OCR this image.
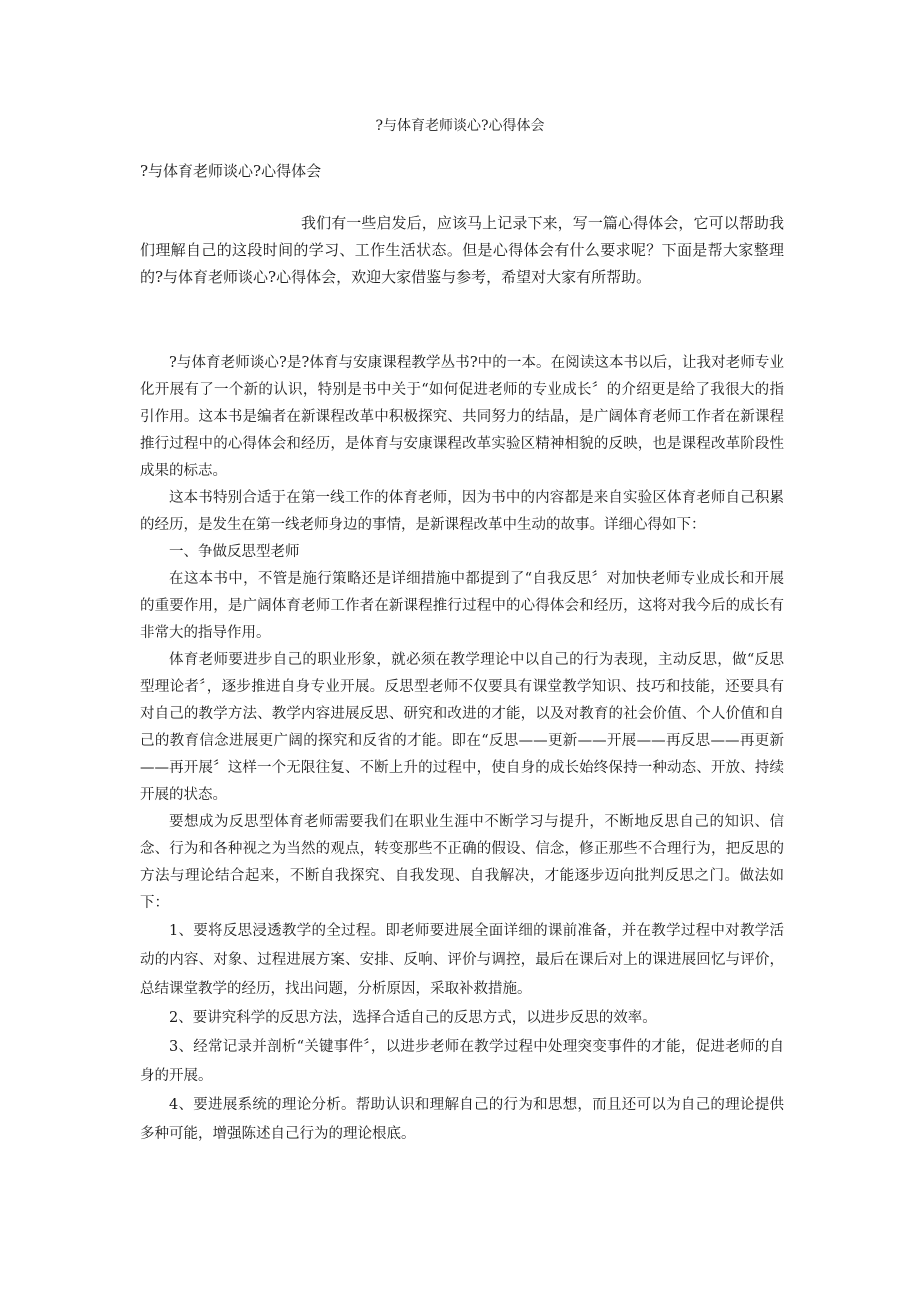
?与体育老师谈心?心得体会

?与体育老师谈心?心得体会

我们有一些启发后，应该马上记录下来，写一篇心得体会，它可以帮助我们理解自己的这段时间的学习、工作生活状态。但是心得体会有什么要求呢？下面是帮大家整理的?与体育老师谈心?心得体会，欢迎大家借鉴与参考，希望对大家有所帮助。

?与体育老师谈心?是?体育与安康课程教学丛书?中的一本。在阅读这本书以后，让我对老师专业化开展有了一个新的认识，特别是书中关于“如何促进老师的专业成长〞的介绍更是给了我很大的指引作用。这本书是编者在新课程改革中积极探究、共同努力的结晶，是广阔体育老师工作者在新课程推行过程中的心得体会和经历，是体育与安康课程改革实验区精神相貌的反映，也是课程改革阶段性成果的标志。

这本书特别合适于在第一线工作的体育老师，因为书中的内容都是来自实验区体育老师自己积累的经历，是发生在第一线老师身边的事情，是新课程改革中生动的故事。详细心得如下：

一、争做反思型老师

在这本书中，不管是施行策略还是详细措施中都提到了“自我反思〞对加快老师专业成长和开展的重要作用，是广阔体育老师工作者在新课程推行过程中的心得体会和经历，这将对我今后的成长有非常大的指导作用。

体育老师要进步自己的职业形象，就必须在教学理论中以自己的行为表现，主动反思，做“反思型理论者〞，逐步推进自身专业开展。反思型老师不仅要具有课堂教学知识、技巧和技能，还要具有对自己的教学方法、教学内容进展反思、研究和改进的才能，以及对教育的社会价值、个人价值和自己的教育信念进展更广阔的探究和反省的才能。即在“反思——更新——开展——再反思——再更新——再开展〞这样一个无限往复、不断上升的过程中，使自身的成长始终保持一种动态、开放、持续开展的状态。

要想成为反思型体育老师需要我们在职业生涯中不断学习与提升，不断地反思自己的知识、信念、行为和各种视之为当然的观点，转变那些不正确的假设、信念，修正那些不合理行为，把反思的方法与理论结合起来，不断自我探究、自我发现、自我解决，才能逐步迈向批判反思之门。做法如下：

1、要将反思浸透教学的全过程。即老师要进展全面详细的课前准备，并在教学过程中对教学活动的内容、对象、过程进展方案、安排、反响、评价与调控，最后在课后对上的课进展回忆与评价，总结课堂教学的经历，找出问题，分析原因，采取补救措施。

2、要讲究科学的反思方法，选择合适自己的反思方式，以进步反思的效率。

3、经常记录并剖析“关键事件〞，以进步老师在教学过程中处理突变事件的才能，促进老师的自身的开展。

4、要进展系统的理论分析。帮助认识和理解自己的行为和思想，而且还可以为自己的理论提供多种可能，增强陈述自己行为的理论根底。
